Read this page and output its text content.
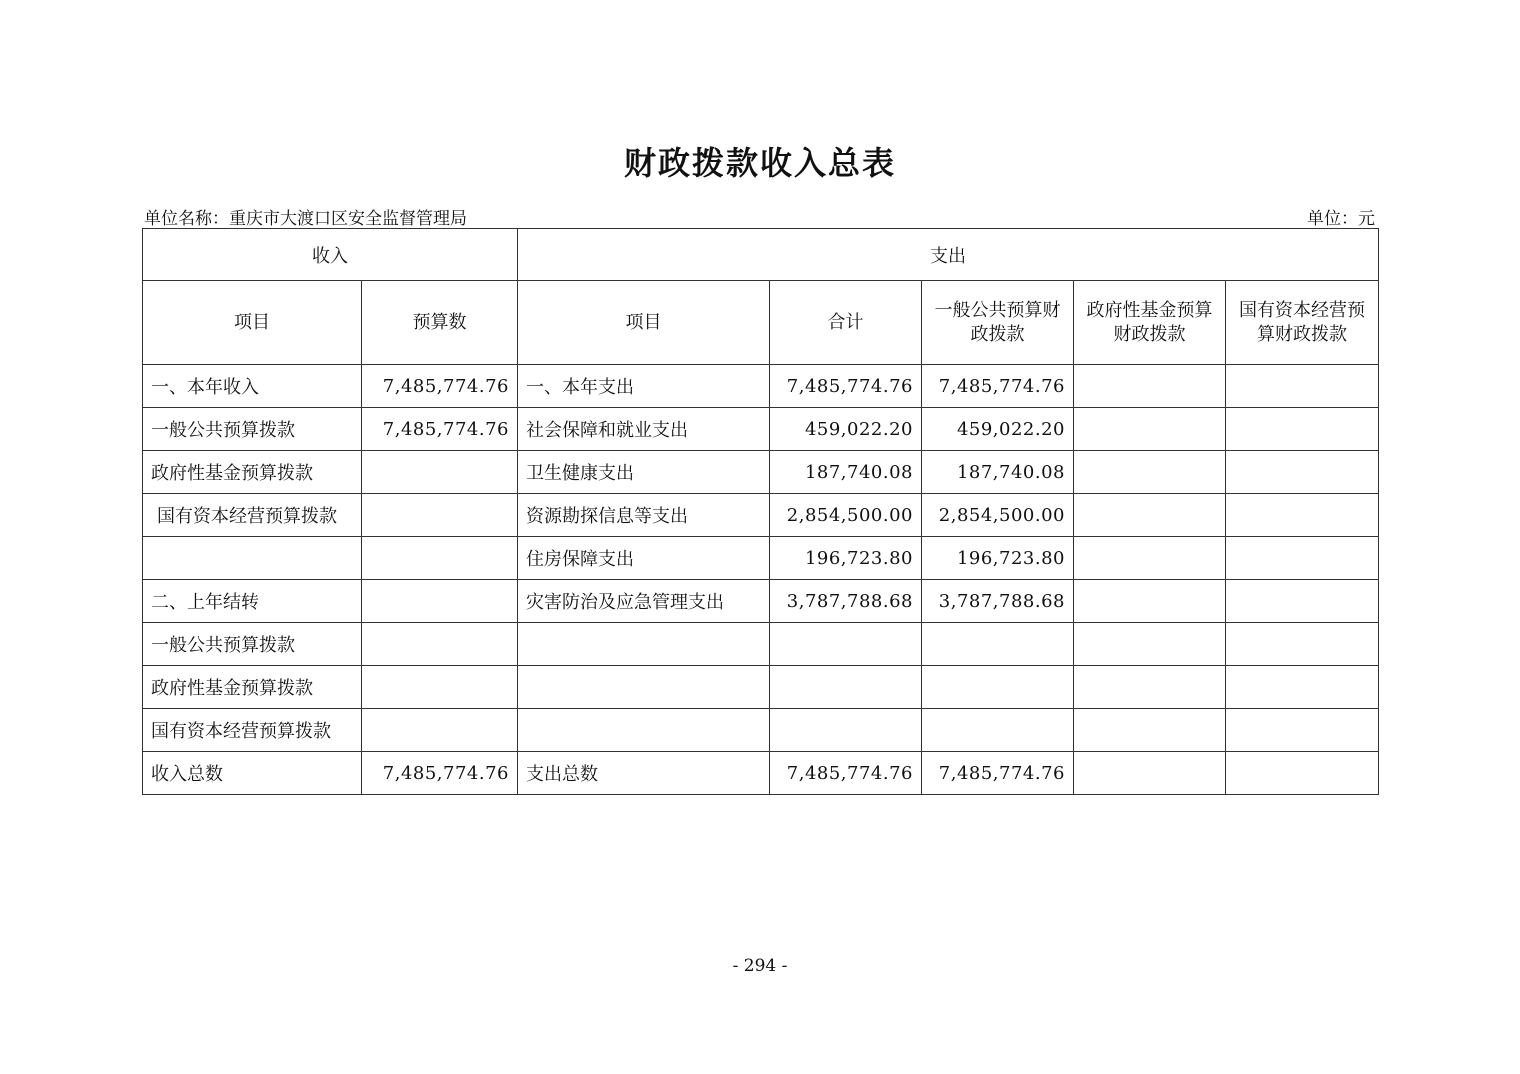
财政拨款收入总表
单位名称：重庆市大渡口区安全监督管理局	单位：元
收入		支出				
项目	预算数	项目	合计	一般公共预算财政拨款	政府性基金预算财政拨款	国有资本经营预算财政拨款
一、本年收入	7,485,774.76	一、本年支出	7,485,774.76	7,485,774.76		
一般公共预算拨款	7,485,774.76	社会保障和就业支出	459,022.20	459,022.20		
政府性基金预算拨款		卫生健康支出	187,740.08	187,740.08		
国有资本经营预算拨款		资源勘探信息等支出	2,854,500.00	2,854,500.00		
		住房保障支出	196,723.80	196,723.80		
二、上年结转		灾害防治及应急管理支出	3,787,788.68	3,787,788.68		
一般公共预算拨款						
政府性基金预算拨款						
国有资本经营预算拨款						
收入总数	7,485,774.76	支出总数	7,485,774.76	7,485,774.76		
- 294 -
